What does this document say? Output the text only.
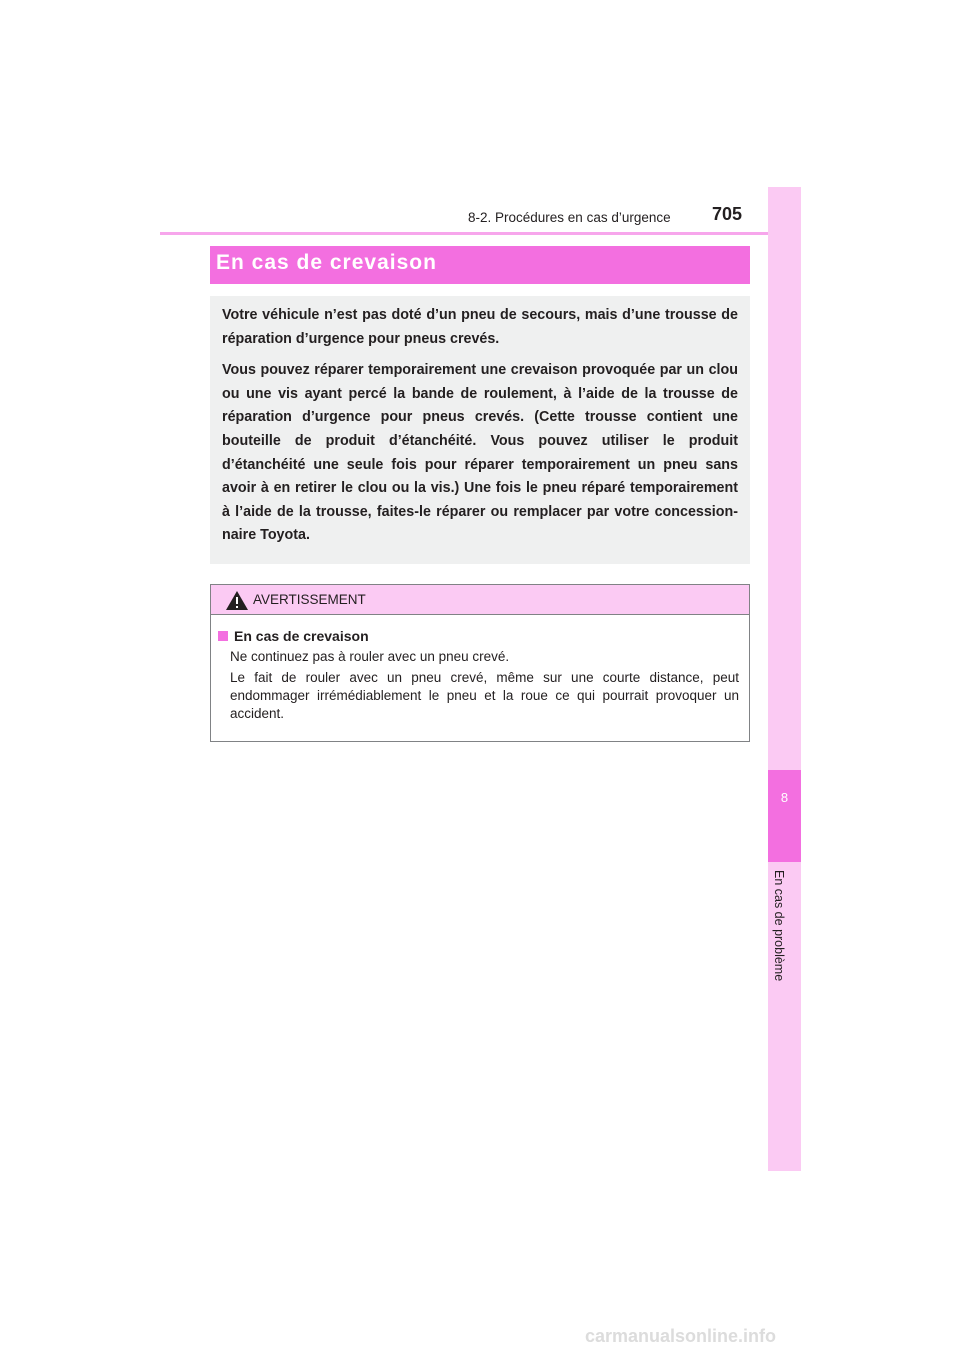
8-2. Procédures en cas d’urgence 705
8
En cas de problème
En cas de crevaison

Votre véhicule n’est pas doté d’un pneu de secours, mais d’une trousse de réparation d’urgence pour pneus crevés.

Vous pouvez réparer temporairement une crevaison provoquée par un clou ou une vis ayant percé la bande de roulement, à l’aide de la trousse de réparation d’urgence pour pneus crevés. (Cette trousse contient une bouteille de produit d’étanchéité. Vous pouvez utiliser le produit d’étanchéité une seule fois pour réparer temporairement un pneu sans avoir à en retirer le clou ou la vis.) Une fois le pneu réparé temporairement à l’aide de la trousse, faites-le réparer ou remplacer par votre concession-naire Toyota.

AVERTISSEMENT
En cas de crevaison

Ne continuez pas à rouler avec un pneu crevé.

Le fait de rouler avec un pneu crevé, même sur une courte distance, peut endommager irrémédiablement le pneu et la roue ce qui pourrait provoquer un accident.

carmanualsonline.info
